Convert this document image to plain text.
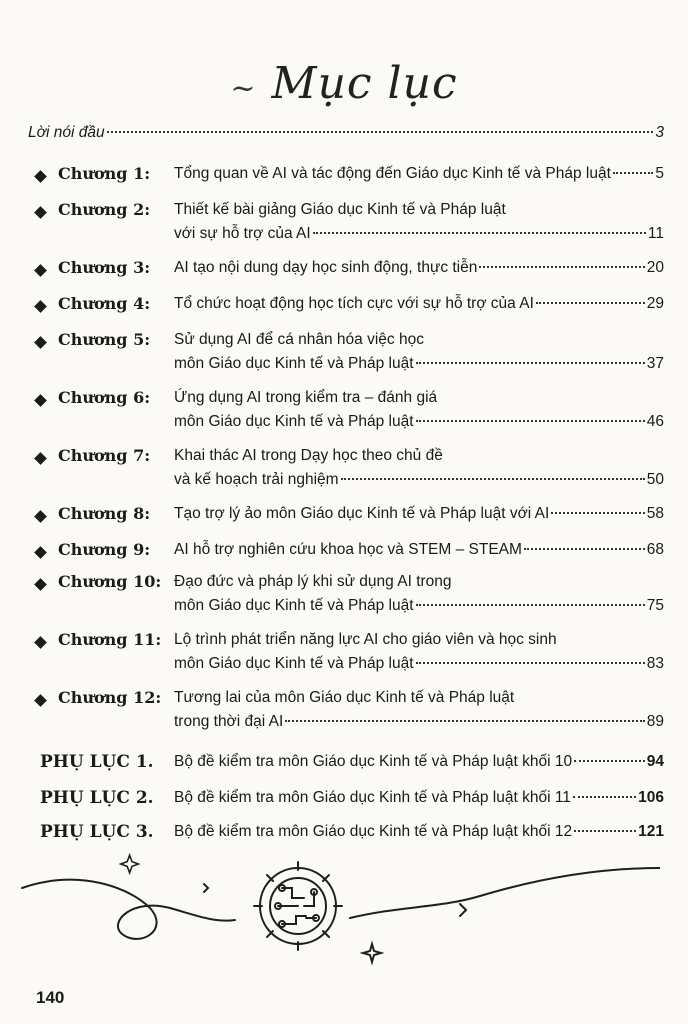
~ Mục lục
Lời nói đầu	3
Chương 1: Tổng quan về AI và tác động đến Giáo dục Kinh tế và Pháp luật	5
Chương 2: Thiết kế bài giảng Giáo dục Kinh tế và Pháp luật
với sự hỗ trợ của AI	11
Chương 3: AI tạo nội dung dạy học sinh động, thực tiễn	20
Chương 4: Tổ chức hoạt động học tích cực với sự hỗ trợ của AI	29
Chương 5: Sử dụng AI để cá nhân hóa việc học
môn Giáo dục Kinh tế và Pháp luật	37
Chương 6: Ứng dụng AI trong kiểm tra – đánh giá
môn Giáo dục Kinh tế và Pháp luật	46
Chương 7: Khai thác AI trong Dạy học theo chủ đề
và kế hoạch trải nghiệm	50
Chương 8: Tạo trợ lý ảo môn Giáo dục Kinh tế và Pháp luật với AI	58
Chương 9: AI hỗ trợ nghiên cứu khoa học và STEM – STEAM	68
Chương 10: Đạo đức và pháp lý khi sử dụng AI trong
môn Giáo dục Kinh tế và Pháp luật	75
Chương 11: Lộ trình phát triển năng lực AI cho giáo viên và học sinh
môn Giáo dục Kinh tế và Pháp luật	83
Chương 12: Tương lai của môn Giáo dục Kinh tế và Pháp luật
trong thời đại AI	89
PHỤ LỤC 1. Bộ đề kiểm tra môn Giáo dục Kinh tế và Pháp luật khối 10	94
PHỤ LỤC 2. Bộ đề kiểm tra môn Giáo dục Kinh tế và Pháp luật khối 11	106
PHỤ LỤC 3. Bộ đề kiểm tra môn Giáo dục Kinh tế và Pháp luật khối 12	121
140
